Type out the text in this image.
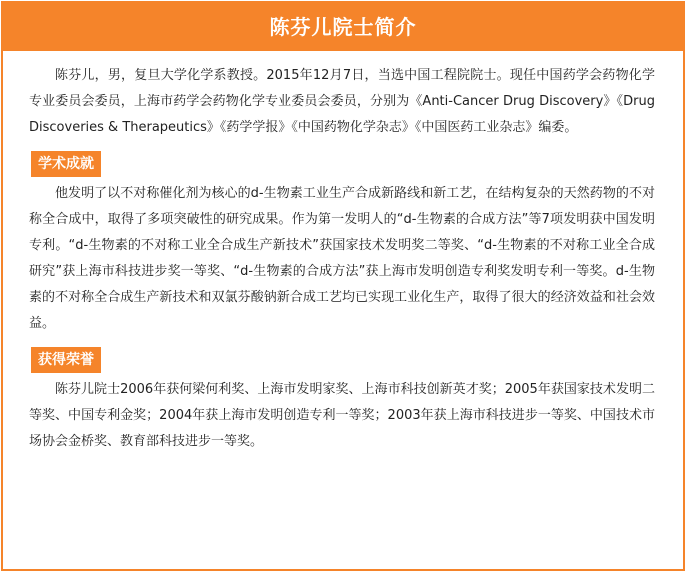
陈芬儿院士简介

陈芬儿，男，复旦大学化学系教授。2015年12月7日，当选中国工程院院士。现任中国药学会药物化学专业委员会委员，上海市药学会药物化学专业委员会委员，分别为《Anti-Cancer Drug Discovery》《Drug Discoveries & Therapeutics》《药学学报》《中国药物化学杂志》《中国医药工业杂志》编委。

学术成就

他发明了以不对称催化剂为核心的d-生物素工业生产合成新路线和新工艺，在结构复杂的天然药物的不对称全合成中，取得了多项突破性的研究成果。作为第一发明人的“d-生物素的合成方法”等7项发明获中国发明专利。“d-生物素的不对称工业全合成生产新技术”获国家技术发明奖二等奖、“d-生物素的不对称工业全合成研究”获上海市科技进步奖一等奖、“d-生物素的合成方法”获上海市发明创造专利奖发明专利一等奖。d-生物素的不对称全合成生产新技术和双氯芬酸钠新合成工艺均已实现工业化生产，取得了很大的经济效益和社会效益。

获得荣誉

陈芬儿院士2006年获何梁何利奖、上海市发明家奖、上海市科技创新英才奖；2005年获国家技术发明二等奖、中国专利金奖；2004年获上海市发明创造专利一等奖；2003年获上海市科技进步一等奖、中国技术市场协会金桥奖、教育部科技进步一等奖。
